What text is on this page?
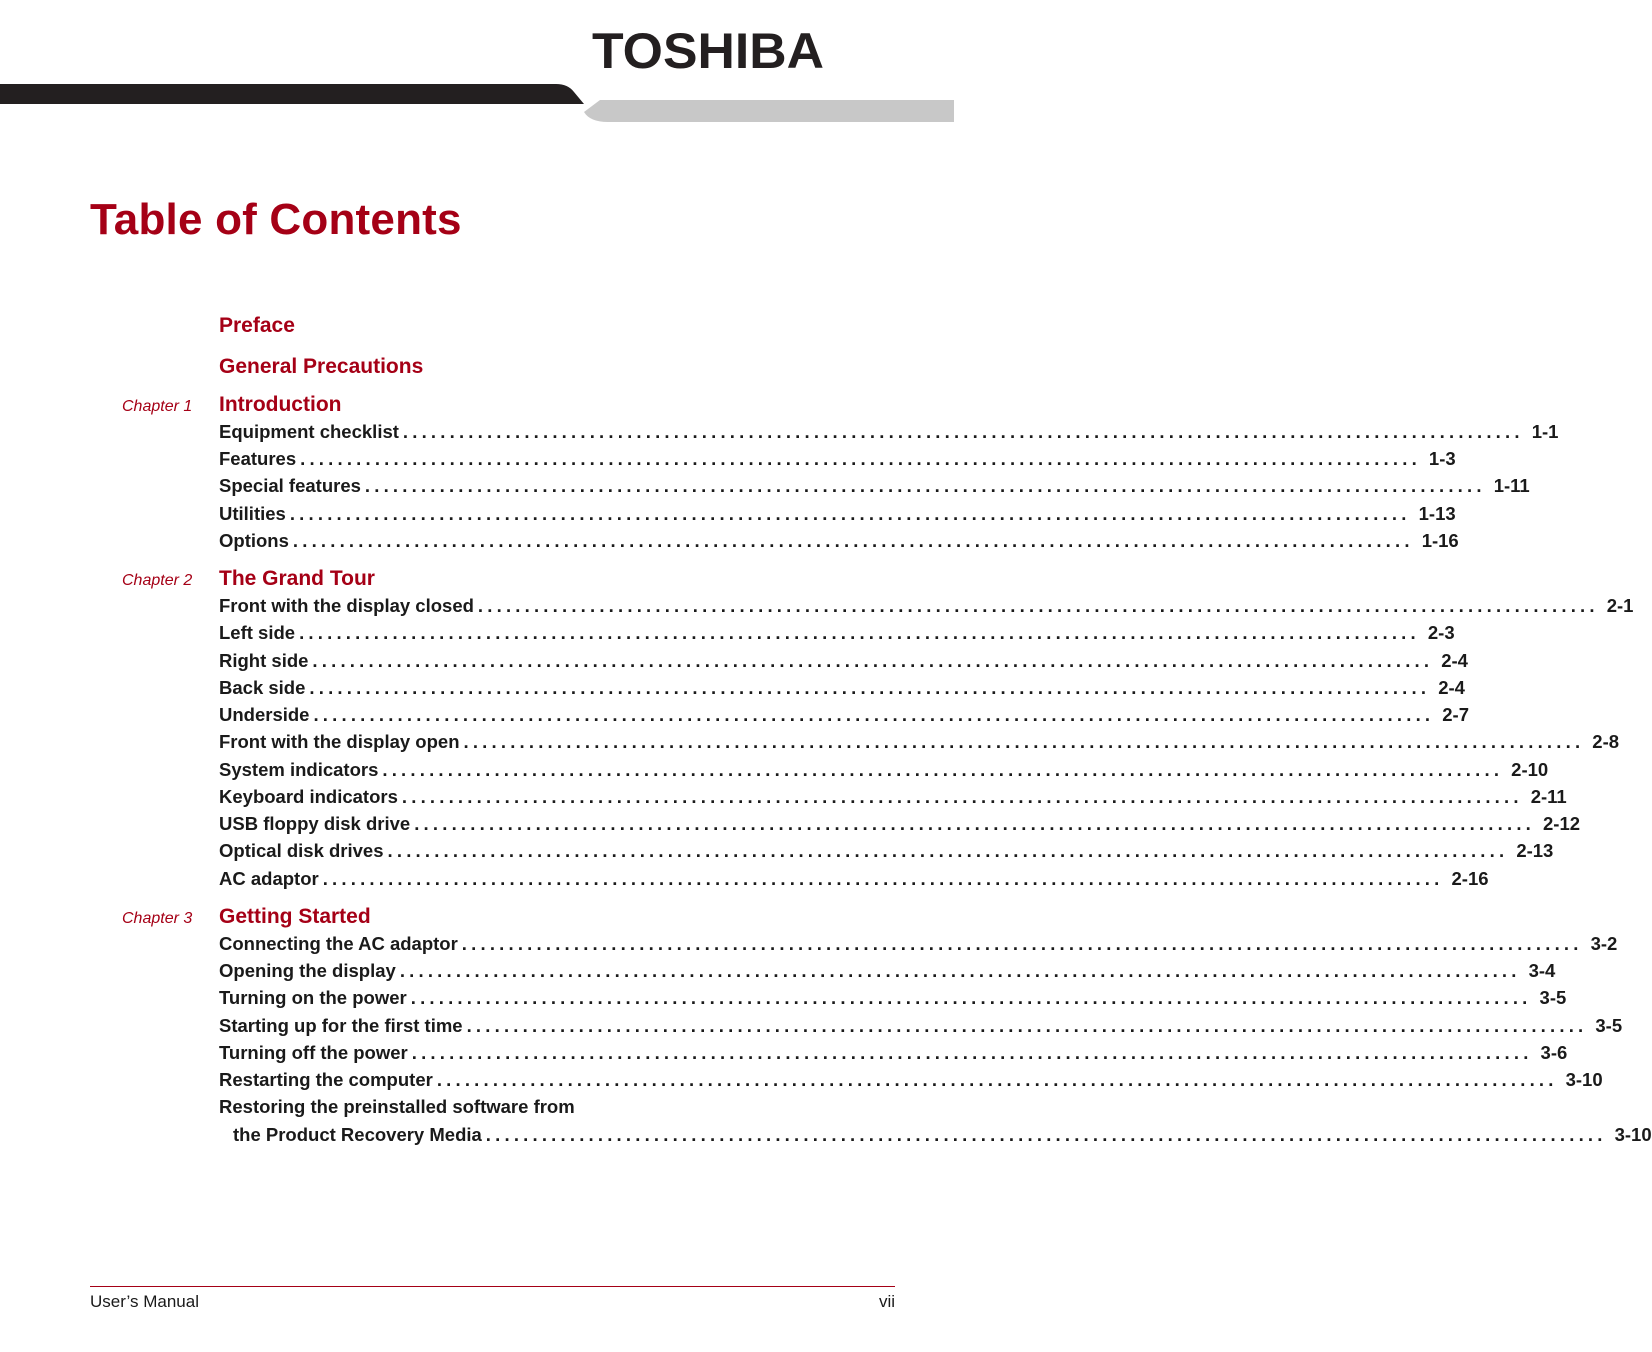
TOSHIBA
Table of Contents
Preface
General Precautions
Chapter 1 Introduction
Equipment checklist ........................................................................................................................ 1-1
Features ........................................................................................................................ 1-3
Special features ........................................................................................................................ 1-11
Utilities ........................................................................................................................ 1-13
Options ........................................................................................................................ 1-16
Chapter 2 The Grand Tour
Front with the display closed ........................................................................................................................ 2-1
Left side ........................................................................................................................ 2-3
Right side ........................................................................................................................ 2-4
Back side ........................................................................................................................ 2-4
Underside ........................................................................................................................ 2-7
Front with the display open ........................................................................................................................ 2-8
System indicators ........................................................................................................................ 2-10
Keyboard indicators ........................................................................................................................ 2-11
USB floppy disk drive ........................................................................................................................ 2-12
Optical disk drives ........................................................................................................................ 2-13
AC adaptor ........................................................................................................................ 2-16
Chapter 3 Getting Started
Connecting the AC adaptor ........................................................................................................................ 3-2
Opening the display ........................................................................................................................ 3-4
Turning on the power ........................................................................................................................ 3-5
Starting up for the first time ........................................................................................................................ 3-5
Turning off the power ........................................................................................................................ 3-6
Restarting the computer ........................................................................................................................ 3-10
Restoring the preinstalled software from
the Product Recovery Media ........................................................................................................................ 3-10
User’s Manual	vii
